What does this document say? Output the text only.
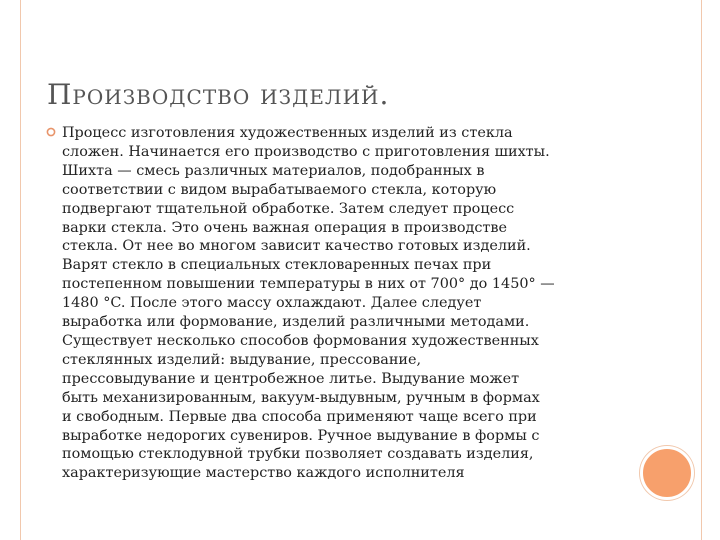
Производство изделий.
Процесс изготовления художественных изделий из стекла
сложен. Начинается его производство с приготовления шихты.
Шихта — смесь различных материалов, подобранных в
соответствии с видом вырабатываемого стекла, которую
подвергают тщательной обработке. Затем следует процесс
варки стекла. Это очень важная операция в производстве
стекла. От нее во многом зависит качество готовых изделий.
Варят стекло в специальных стекловаренных печах при
постепенном повышении температуры в них от 700° до 1450° —
1480 °C. После этого массу охлаждают. Далее следует
выработка или формование, изделий различными методами.
Существует несколько способов формования художественных
стеклянных изделий: выдувание, прессование,
прессовыдувание и центробежное литье. Выдувание может
быть механизированным, вакуум-выдувным, ручным в формах
и свободным. Первые два способа применяют чаще всего при
выработке недорогих сувениров. Ручное выдувание в формы с
помощью стеклодувной трубки позволяет создавать изделия,
характеризующие мастерство каждого исполнителя
